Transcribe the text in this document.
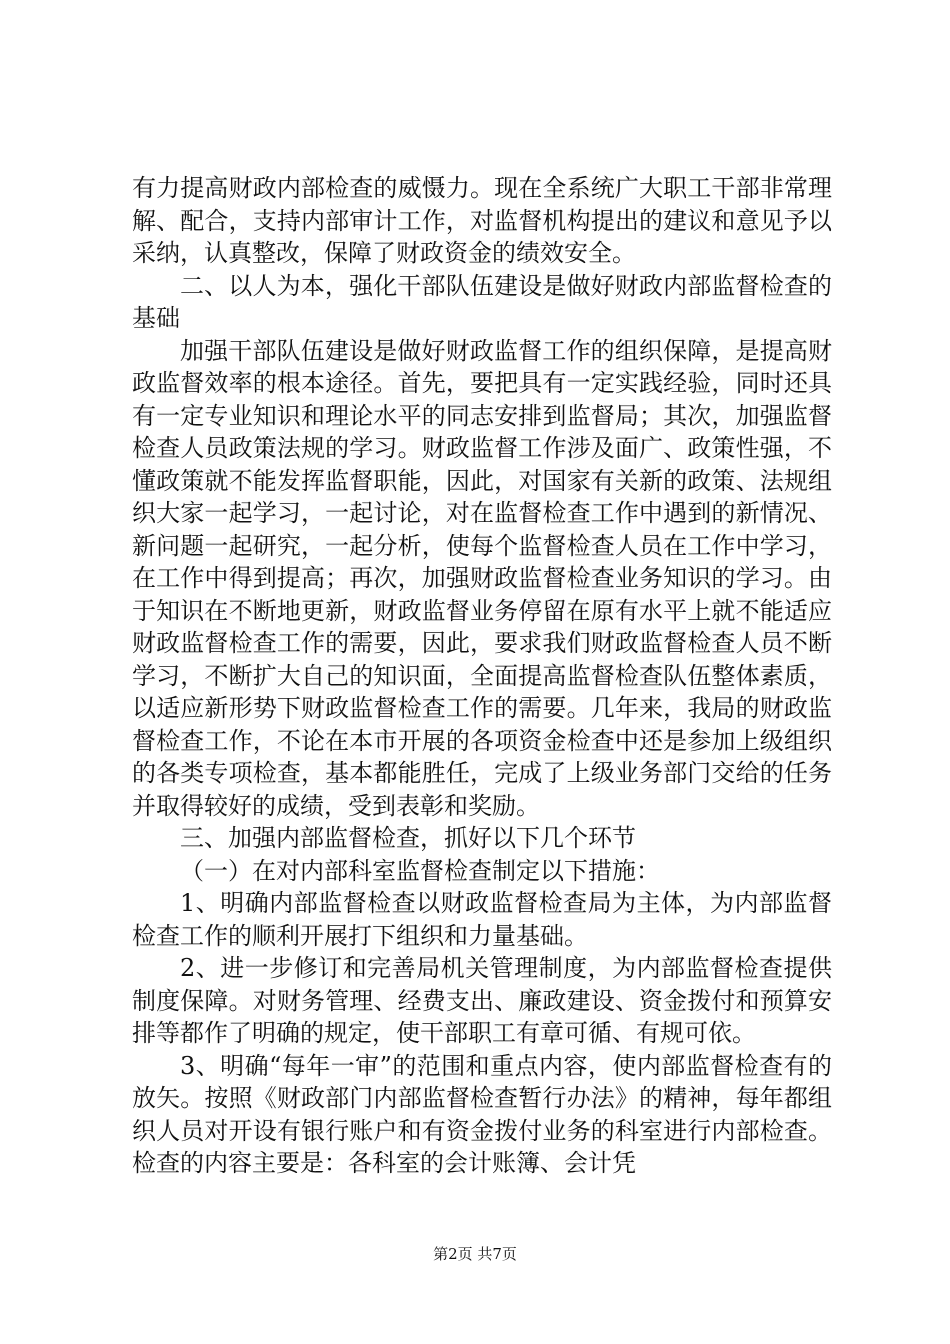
有力提高财政内部检查的威慑力。现在全系统广大职工干部非常理解、配合，支持内部审计工作，对监督机构提出的建议和意见予以采纳，认真整改，保障了财政资金的绩效安全。

二、以人为本，强化干部队伍建设是做好财政内部监督检查的基础

加强干部队伍建设是做好财政监督工作的组织保障，是提高财政监督效率的根本途径。首先，要把具有一定实践经验，同时还具有一定专业知识和理论水平的同志安排到监督局；其次，加强监督检查人员政策法规的学习。财政监督工作涉及面广、政策性强，不懂政策就不能发挥监督职能，因此，对国家有关新的政策、法规组织大家一起学习，一起讨论，对在监督检查工作中遇到的新情况、新问题一起研究，一起分析，使每个监督检查人员在工作中学习，在工作中得到提高；再次，加强财政监督检查业务知识的学习。由于知识在不断地更新，财政监督业务停留在原有水平上就不能适应财政监督检查工作的需要，因此，要求我们财政监督检查人员不断学习，不断扩大自己的知识面，全面提高监督检查队伍整体素质，以适应新形势下财政监督检查工作的需要。几年来，我局的财政监督检查工作，不论在本市开展的各项资金检查中还是参加上级组织的各类专项检查，基本都能胜任，完成了上级业务部门交给的任务并取得较好的成绩，受到表彰和奖励。

三、加强内部监督检查，抓好以下几个环节

（一）在对内部科室监督检查制定以下措施：

1、明确内部监督检查以财政监督检查局为主体，为内部监督检查工作的顺利开展打下组织和力量基础。

2、进一步修订和完善局机关管理制度，为内部监督检查提供制度保障。对财务管理、经费支出、廉政建设、资金拨付和预算安排等都作了明确的规定，使干部职工有章可循、有规可依。

3、明确“每年一审”的范围和重点内容，使内部监督检查有的放矢。按照《财政部门内部监督检查暂行办法》的精神，每年都组织人员对开设有银行账户和有资金拨付业务的科室进行内部检查。检查的内容主要是：各科室的会计账簿、会计凭

第2页 共7页
